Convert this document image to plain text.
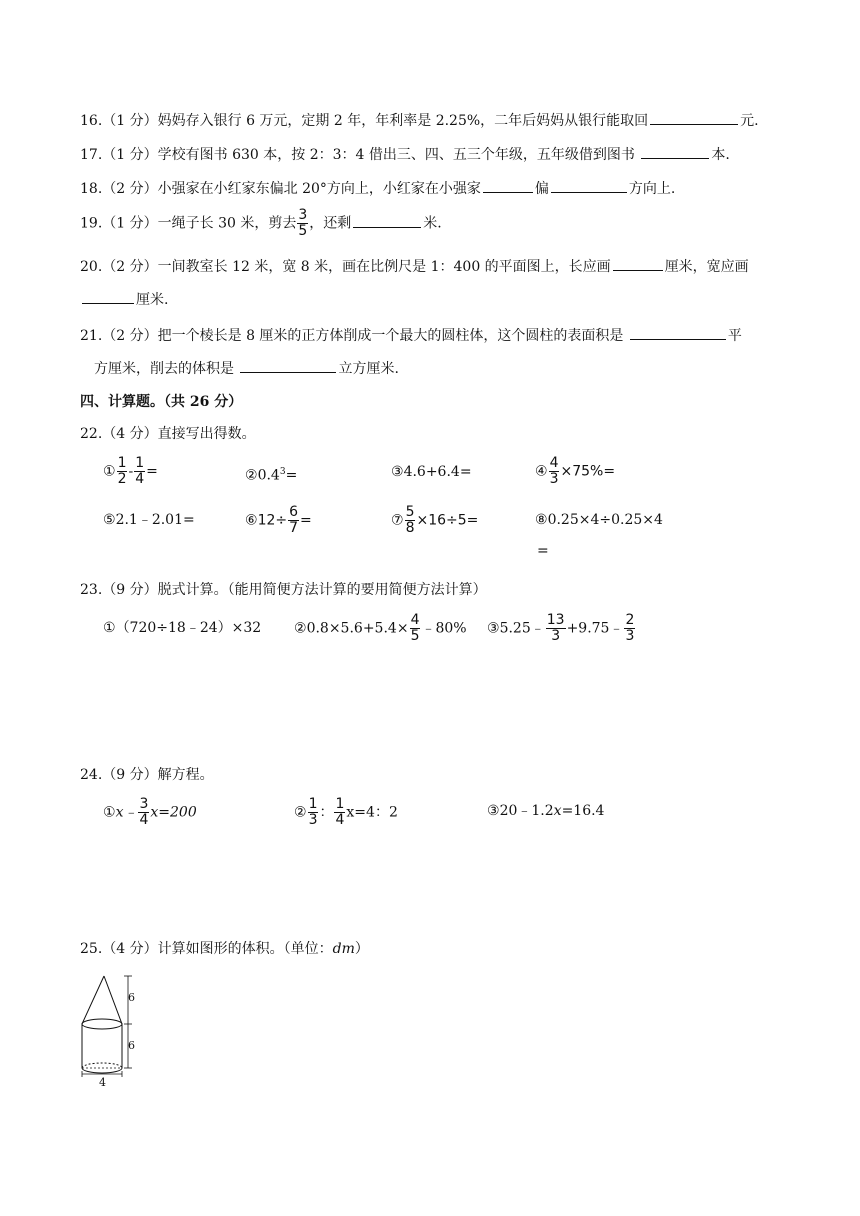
16.（1 分）妈妈存入银行 6 万元，定期 2 年，年利率是 2.25%，二年后妈妈从银行能取回	元.
17.（1 分）学校有图书 630 本，按 2：3：4 借出三、四、五三个年级，五年级借到图书	本.
18.（2 分）小强家在小红家东偏北 20°方向上，小红家在小强家	偏	方向上.
19.（1 分）一绳子长 30 米，剪去 $\frac{3}{5}$ ，还剩	米.
20.（2 分）一间教室长 12 米，宽 8 米，画在比例尺是 1：400 的平面图上，长应画	厘米，宽应画
厘米.
21.（2 分）把一个棱长是 8 厘米的正方体削成一个最大的圆柱体，这个圆柱的表面积是	平
方厘米，削去的体积是	立方厘米.
四、计算题。（共 26 分）
22.（4 分）直接写出得数。
① $\frac{1}{2} - \frac{1}{4}$ =	$②0.4^3=$	③4.6+6.4=	④ $\frac{4}{3} \times 75\%=$
⑤2.1﹣2.01=	⑥12÷ $\frac{6}{7}$ =	⑦ $\frac{5}{8} \times 16\div 5=$	⑧0.25×4÷0.25×4
=
23.（9 分）脱式计算。（能用简便方法计算的要用简便方法计算）
①（720÷18﹣24）×32 ②0.8×5.6+5.4× $\frac{4}{5}$ ﹣80% ③5.25﹣ $\frac{13}{3}$ +9.75﹣ $\frac{2}{3}$
24.（9 分）解方程。
①x﹣ $\frac{3}{4} x=200$	② $\frac{1}{3}$ ： $\frac{1}{4} x=4$：2	③20﹣1.2x=16.4
25.（4 分）计算如图形的体积。（单位：dm）
6
6
4
